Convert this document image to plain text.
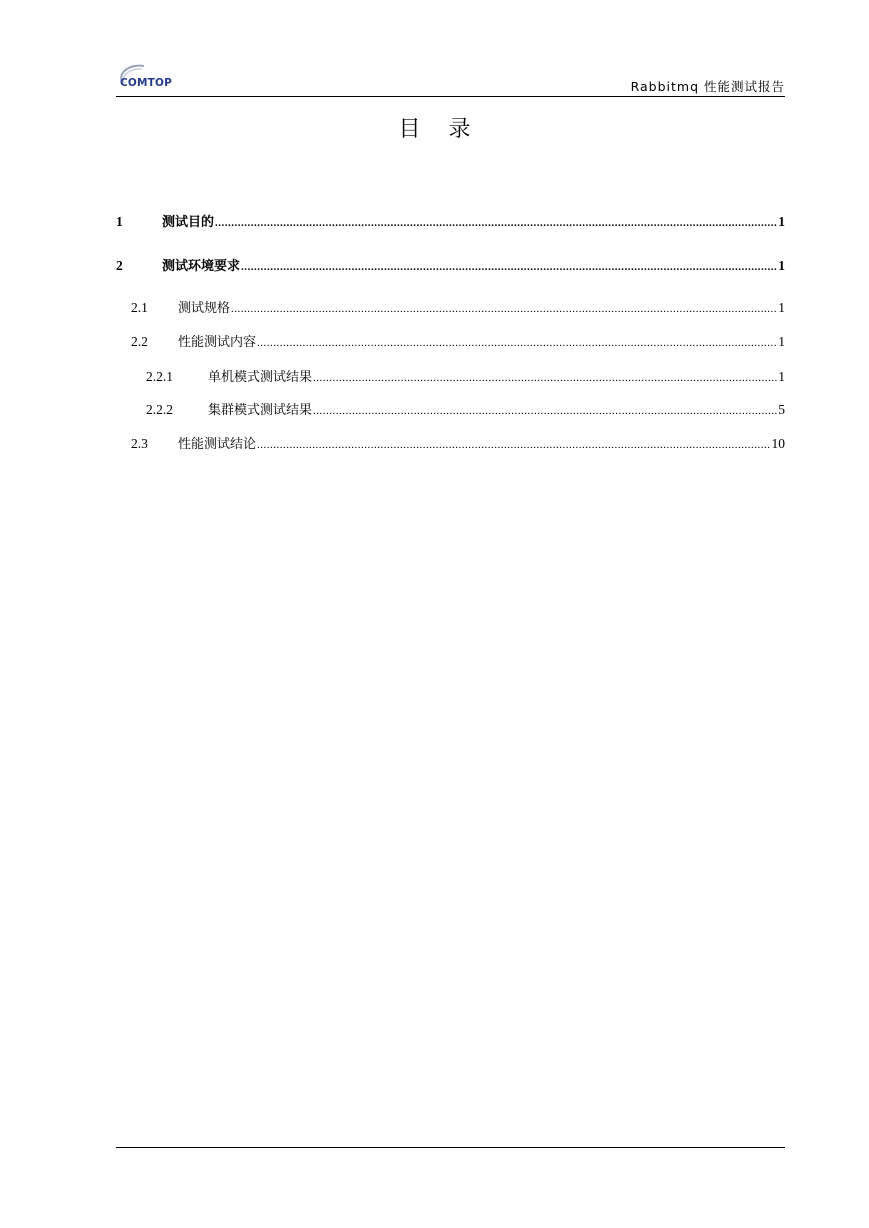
COMTOP	Rabbitmq 性能测试报告
目    录
1	测试目的 .....	1
2	测试环境要求 .....	1
2.1	测试规格 .....	1
2.2	性能测试内容 .....	1
2.2.1	单机模式测试结果 .....	1
2.2.2	集群模式测试结果 .....	5
2.3	性能测试结论 .....	10
